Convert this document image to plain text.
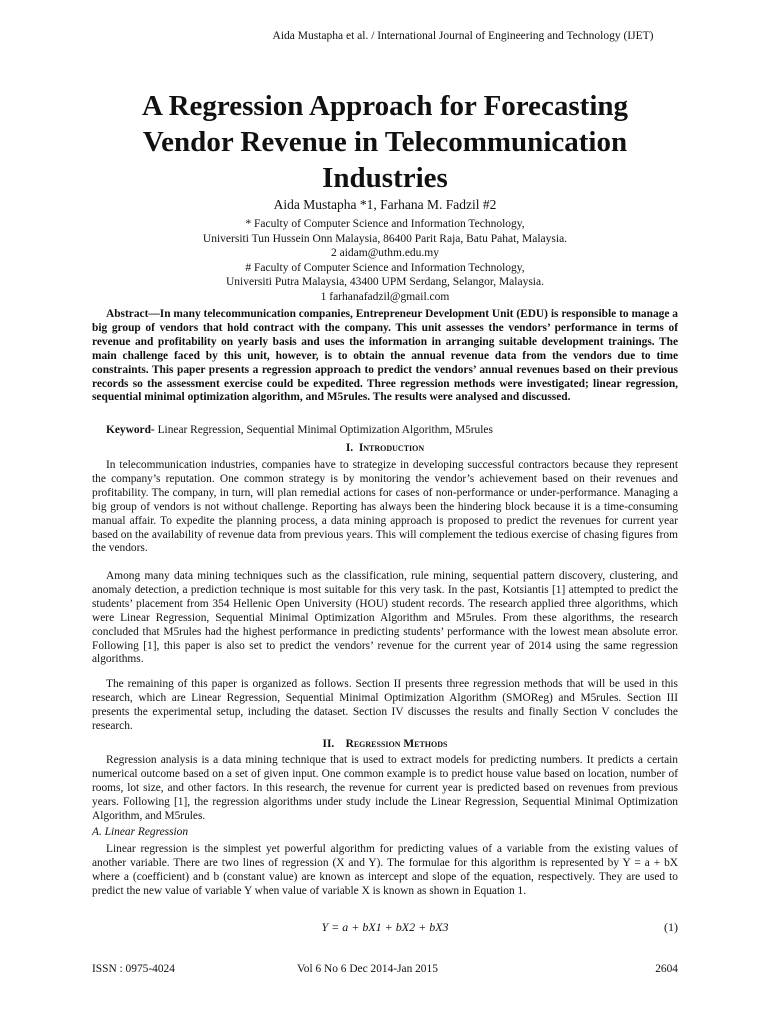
Aida Mustapha et al. / International Journal of Engineering and Technology (IJET)
A Regression Approach for Forecasting
Vendor Revenue in Telecommunication
Industries
Aida Mustapha *1, Farhana M. Fadzil #2
* Faculty of Computer Science and Information Technology,
Universiti Tun Hussein Onn Malaysia, 86400 Parit Raja, Batu Pahat, Malaysia.
2 aidam@uthm.edu.my
# Faculty of Computer Science and Information Technology,
Universiti Putra Malaysia, 43400 UPM Serdang, Selangor, Malaysia.
1 farhanafadzil@gmail.com

Abstract—In many telecommunication companies, Entrepreneur Development Unit (EDU) is responsible to manage a big group of vendors that hold contract with the company. This unit assesses the vendors’ performance in terms of revenue and profitability on yearly basis and uses the information in arranging suitable development trainings. The main challenge faced by this unit, however, is to obtain the annual revenue data from the vendors due to time constraints. This paper presents a regression approach to predict the vendors’ annual revenues based on their previous records so the assessment exercise could be expedited. Three regression methods were investigated; linear regression, sequential minimal optimization algorithm, and M5rules. The results were analysed and discussed.

Keyword- Linear Regression, Sequential Minimal Optimization Algorithm, M5rules

I. Introduction

In telecommunication industries, companies have to strategize in developing successful contractors because they represent the company’s reputation. One common strategy is by monitoring the vendor’s achievement based on their revenues and profitability. The company, in turn, will plan remedial actions for cases of non-performance or under-performance. Managing a big group of vendors is not without challenge. Reporting has always been the hindering block because it is a time-consuming manual affair. To expedite the planning process, a data mining approach is proposed to predict the revenues for current year based on the availability of revenue data from previous years. This will complement the tedious exercise of chasing figures from the vendors.

Among many data mining techniques such as the classification, rule mining, sequential pattern discovery, clustering, and anomaly detection, a prediction technique is most suitable for this very task. In the past, Kotsiantis [1] attempted to predict the students’ placement from 354 Hellenic Open University (HOU) student records. The research applied three algorithms, which were Linear Regression, Sequential Minimal Optimization Algorithm and M5rules. From these algorithms, the research concluded that M5rules had the highest performance in predicting students’ performance with the lowest mean absolute error. Following [1], this paper is also set to predict the vendors’ revenue for the current year of 2014 using the same regression algorithms.

The remaining of this paper is organized as follows. Section II presents three regression methods that will be used in this research, which are Linear Regression, Sequential Minimal Optimization Algorithm (SMOReg) and M5rules. Section III presents the experimental setup, including the dataset. Section IV discusses the results and finally Section V concludes the research.

II. Regression Methods

Regression analysis is a data mining technique that is used to extract models for predicting numbers. It predicts a certain numerical outcome based on a set of given input. One common example is to predict house value based on location, number of rooms, lot size, and other factors. In this research, the revenue for current year is predicted based on revenues from previous years. Following [1], the regression algorithms under study include the Linear Regression, Sequential Minimal Optimization Algorithm, and M5rules.

A. Linear Regression

Linear regression is the simplest yet powerful algorithm for predicting values of a variable from the existing values of another variable. There are two lines of regression (X and Y). The formulae for this algorithm is represented by Y = a + bX where a (coefficient) and b (constant value) are known as intercept and slope of the equation, respectively. They are used to predict the new value of variable Y when value of variable X is known as shown in Equation 1.

Y = a + bX1 + bX2 + bX3	(1)
ISSN : 0975-4024	Vol 6 No 6 Dec 2014-Jan 2015	2604
